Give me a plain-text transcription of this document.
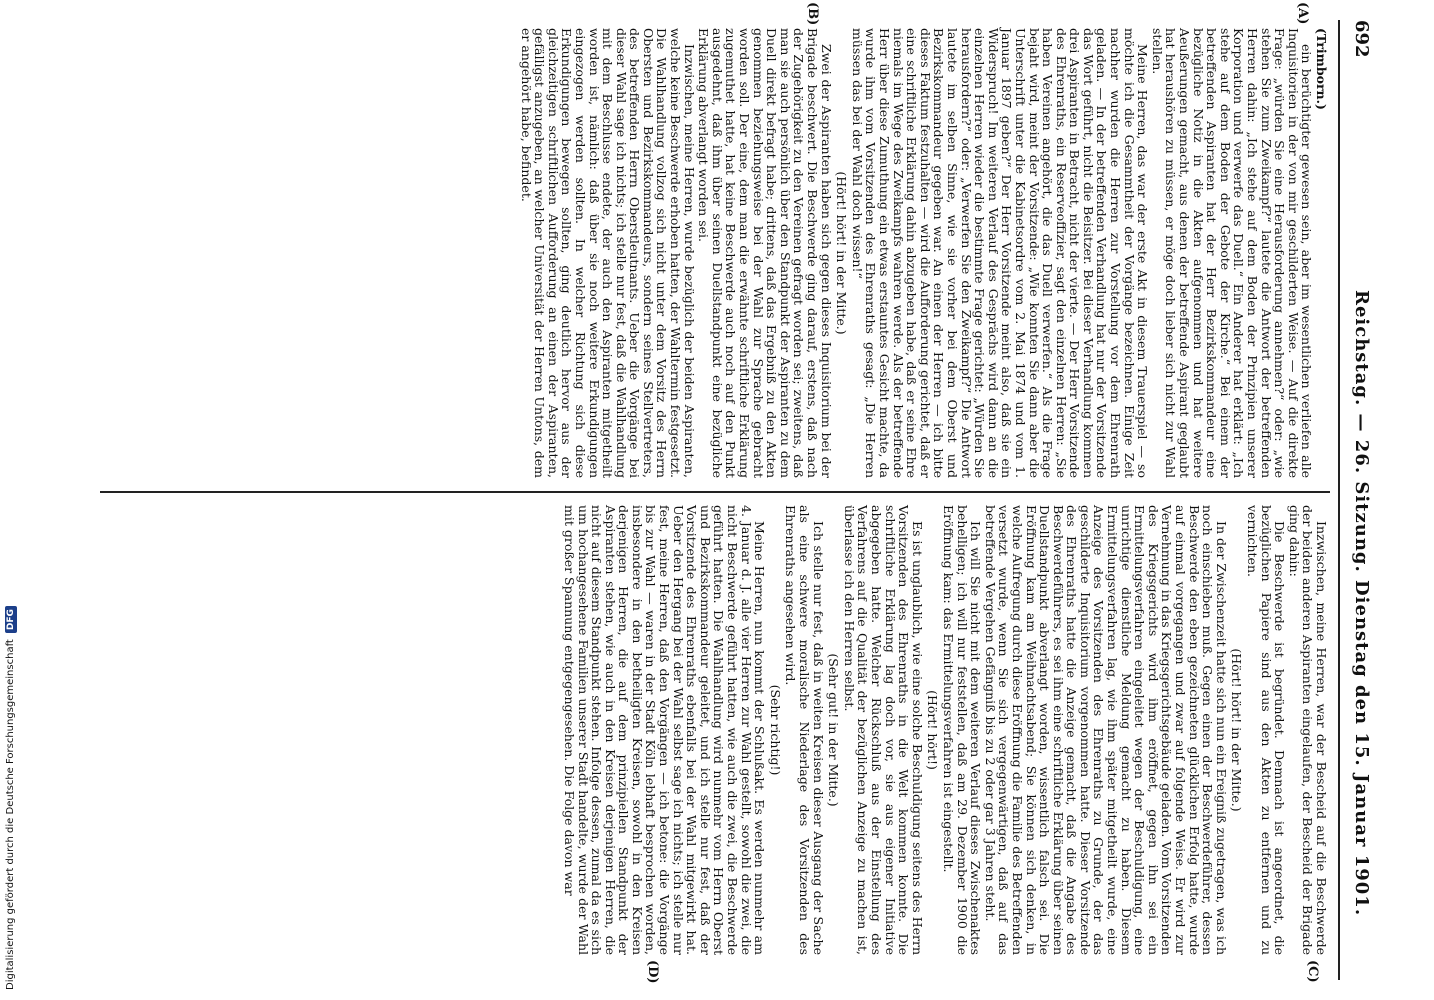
692
Reichstag. — 26. Sitzung. Dienstag den 15. Januar 1901.
(A)
(B)
(C)
(D)

(Trimborn.)

ein berüchtigter gewesen sein, aber im wesentlichen verliefen alle Inquisitorien in der von mir geschilderten Weise. — Auf die direkte Frage: „würden Sie eine Herausforderung annehmen?“ oder: „wie stehen Sie zum Zweikampf?“ lautete die Antwort der betreffenden Herren dahin: „Ich stehe auf dem Boden der Prinzipien unserer Korporation und verwerfe das Duell.“ Ein Anderer hat erklärt: „Ich stehe auf dem Boden der Gebote der Kirche.“ Bei einem der betreffenden Aspiranten hat der Herr Bezirkskommandeur eine bezügliche Notiz in die Akten aufgenommen und hat weitere Aeußerungen gemacht, aus denen der betreffende Aspirant geglaubt hat heraushören zu müssen, er möge doch lieber sich nicht zur Wahl stellen.

Meine Herren, das war der erste Akt in diesem Trauerspiel — so möchte ich die Gesammtheit der Vorgänge bezeichnen. Einige Zeit nachher wurden die Herren zur Vorstellung vor dem Ehrenrath geladen. — In der betreffenden Verhandlung hat nur der Vorsitzende das Wort geführt, nicht die Beisitzer. Bei dieser Verhandlung kommen drei Aspiranten in Betracht, nicht der vierte. — Der Herr Vorsitzende des Ehrenraths, ein Reserveoffizier, sagt den einzelnen Herren: „Sie haben Vereinen angehört, die das Duell verwerfen.“ Als die Frage bejaht wird, meint der Vorsitzende: „Wie konnten Sie dann aber die Unterschrift unter die Kabinetsordre vom 2. Mai 1874 und vom 1. Januar 1897 geben?“ Der Herr Vorsitzende meint also, daß sie ein Widerspruch! Im weiteren Verlauf des Gesprächs wird dann an die einzelnen Herren wieder die bestimmte Frage gerichtet: „Würden Sie herausfordern?“ oder: „Verwerfen Sie den Zweikampf?“ Die Antwort lautete im selben Sinne, wie sie vorher bei dem Oberst und Bezirkskommandeur gegeben war. An einen der Herren — ich bitte dieses Faktum festzuhalten — wird die Aufforderung gerichtet, daß er eine schriftliche Erklärung dahin abzugeben habe, daß er seine Ehre niemals im Wege des Zweikampfs wahren werde. Als der betreffende Herr über diese Zumuthung ein etwas erstauntes Gesicht machte, da wurde ihm vom Vorsitzenden des Ehrenraths gesagt: „Die Herren müssen das bei der Wahl doch wissen!“

(Hört! hört! in der Mitte.)

Zwei der Aspiranten haben sich gegen dieses Inquisitorium bei der Brigade beschwert. Die Beschwerde ging darauf, erstens, daß nach der Zugehörigkeit zu den Vereinen gefragt worden sei; zweitens, daß man sie auch persönlich über den Standpunkt der Aspiranten zu dem Duell direkt befragt habe; drittens, daß das Ergebniß zu den Akten genommen beziehungsweise bei der Wahl zur Sprache gebracht worden soll. Der eine, dem man die erwähnte schriftliche Erklärung zugemuthet hatte, hat keine Beschwerde auch noch auf den Punkt ausgedehnt, daß ihm über seinen Duellstandpunkt eine bezügliche Erklärung abverlangt worden sei.

Inzwischen, meine Herren, wurde bezüglich der beiden Aspiranten, welche keine Beschwerde erhoben hatten, der Wahltermin festgesetzt. Die Wahlhandlung vollzog sich nicht unter dem Vorsitz des Herrn Obersten und Bezirkskommandeurs, sondern seines Stellvertreters, des betreffenden Herrn Oberstleutnants. Ueber die Vorgänge bei dieser Wahl sage ich nichts; ich stelle nur fest, daß die Wahlhandlung mit dem Beschlusse endete, der auch den Aspiranten mitgetheilt worden ist, nämlich: daß über sie noch weitere Erkundigungen eingezogen werden sollten. In welcher Richtung sich diese Erkundigungen bewegen sollten, ging deutlich hervor aus der gleichzeitigen schriftlichen Aufforderung an einen der Aspiranten, gefälligst anzugeben, an welcher Universität der Herren Untons, dem er angehört habe, befindet.

Inzwischen, meine Herren, war der Bescheid auf die Beschwerde der beiden anderen Aspiranten eingelaufen, der Bescheid der Brigade ging dahin:

Die Beschwerde ist begründet. Demnach ist angeordnet, die bezüglichen Papiere sind aus den Akten zu entfernen und zu vernichten.

(Hört! hört! in der Mitte.)

In der Zwischenzeit hatte sich nun ein Ereigniß zugetragen, was ich noch einschieben muß. Gegen einen der Beschwerdeführer, dessen Beschwerde den eben gezeichneten glücklichen Erfolg hatte, wurde auf einmal vorgegangen und zwar auf folgende Weise. Er wird zur Vernehmung in das Kriegsgerichtsgebäude geladen. Vom Vorsitzenden des Kriegsgerichts wird ihm eröffnet, gegen ihn sei ein Ermittelungsverfahren eingeleitet wegen der Beschuldigung, eine unrichtige dienstliche Meldung gemacht zu haben. Diesem Ermittelungsverfahren lag, wie ihm später mitgetheilt wurde, eine Anzeige des Vorsitzenden des Ehrenraths zu Grunde, der das geschilderte Inquisitorium vorgenommen hatte. Dieser Vorsitzende des Ehrenraths hatte die Anzeige gemacht, daß die Angabe des Beschwerdeführers, es sei ihm eine schriftliche Erklärung über seinen Duellstandpunkt abverlangt worden, wissentlich falsch sei. Die Eröffnung kam am Weihnachtsabend; Sie können sich denken, in welche Aufregung durch diese Eröffnung die Familie des Betreffenden versetzt wurde, wenn Sie sich vergegenwärtigen, daß auf das betreffende Vergehen Gefängniß bis zu 2 oder gar 3 Jahren steht.

Ich will Sie nicht mit dem weiteren Verlauf dieses Zwischenaktes behelligen; ich will nur feststellen, daß am 29. Dezember 1900 die Eröffnung kam: das Ermittelungsverfahren ist eingestellt.

(Hört! hört!)

Es ist unglaublich, wie eine solche Beschuldigung seitens des Herrn Vorsitzenden des Ehrenraths in die Welt kommen konnte. Die schriftliche Erklärung lag doch vor, sie aus eigener Initiative abgegeben hatte. Welcher Rückschluß aus der Einstellung des Verfahrens auf die Qualität der bezüglichen Anzeige zu machen ist, überlasse ich den Herren selbst.

(Sehr gut! in der Mitte.)

Ich stelle nur fest, daß in weiten Kreisen dieser Ausgang der Sache als eine schwere moralische Niederlage des Vorsitzenden des Ehrenraths angesehen wird.

(Sehr richtig!)

Meine Herren, nun kommt der Schlußakt. Es werden nunmehr am 4. Januar d. J. alle vier Herren zur Wahl gestellt, sowohl die zwei, die nicht Beschwerde geführt hatten, wie auch die zwei, die Beschwerde geführt hatten. Die Wahlhandlung wird nunmehr vom Herrn Oberst und Bezirkskommandeur geleitet, und ich stelle nur fest, daß der Vorsitzende des Ehrenraths ebenfalls bei der Wahl mitgewirkt hat. Ueber den Hergang bei der Wahl selbst sage ich nichts; ich stelle nur fest, meine Herren, daß den Vorgängen — ich betone: die Vorgänge bis zur Wahl — waren in der Stadt Köln lebhaft besprochen worden, insbesondere in den betheiligten Kreisen, sowohl in den Kreisen derjenigen Herren, die auf dem prinzipiellen Standpunkt der Aspiranten stehen, wie auch in den Kreisen derjenigen Herren, die nicht auf diesem Standpunkt stehen. Infolge dessen, zumal da es sich um hochangesehene Familien unserer Stadt handelte, wurde der Wahl mit großer Spannung entgegengesehen. Die Folge davon war

Digitalisierung gefördert durch die Deutsche ForschungsgemeinschaftDFG
